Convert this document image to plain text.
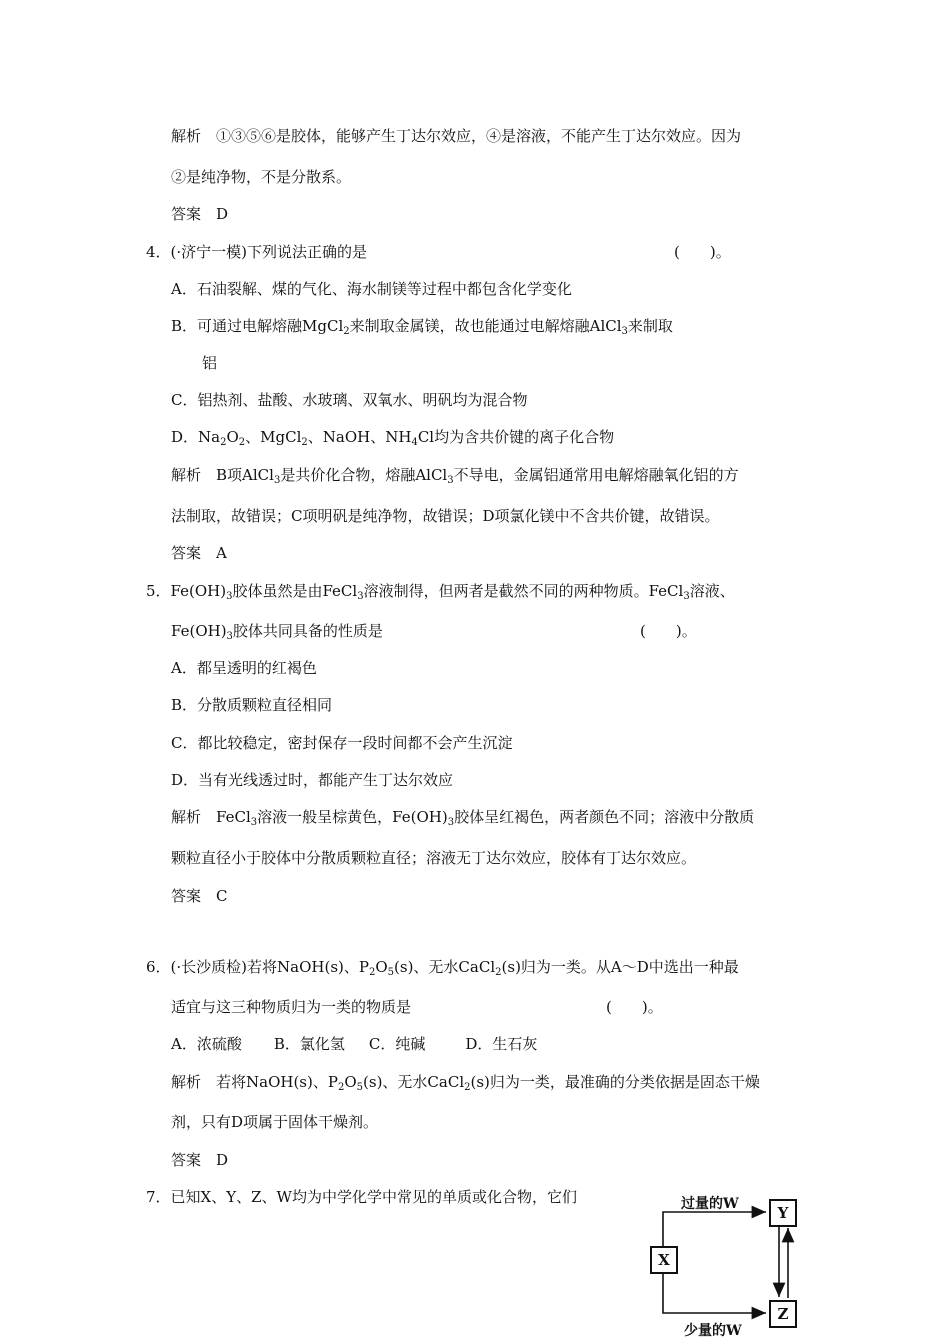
解析　①③⑤⑥是胶体，能够产生丁达尔效应，④是溶液，不能产生丁达尔效应。因为
②是纯净物，不是分散系。
答案　D
4．(·济宁一模)下列说法正确的是	(　　)。
A．石油裂解、煤的气化、海水制镁等过程中都包含化学变化
B．可通过电解熔融MgCl$_2$来制取金属镁，故也能通过电解熔融AlCl$_3$来制取
铝
C．铝热剂、盐酸、水玻璃、双氧水、明矾均为混合物
D．$Na_2O_2$、MgCl$_2$、NaOH、$NH_4Cl$均为含共价键的离子化合物
解析　B项AlCl$_3$是共价化合物，熔融AlCl$_3$不导电，金属铝通常用电解熔融氧化铝的方
法制取，故错误；C项明矾是纯净物，故错误；D项氯化镁中不含共价键，故错误。
答案　A
5．$Fe(OH)_3$胶体虽然是由FeCl$_3$溶液制得，但两者是截然不同的两种物质。FeCl$_3$溶液、
$Fe(OH)_3$胶体共同具备的性质是	(　　)。
A．都呈透明的红褐色
B．分散质颗粒直径相同
C．都比较稳定，密封保存一段时间都不会产生沉淀
D．当有光线透过时，都能产生丁达尔效应
解析　FeCl$_3$溶液一般呈棕黄色，$Fe(OH)_3$胶体呈红褐色，两者颜色不同；溶液中分散质
颗粒直径小于胶体中分散质颗粒直径；溶液无丁达尔效应，胶体有丁达尔效应。
答案　C
6．(·长沙质检)若将NaOH(s)、$P_2O_5(s)$、无水CaCl$_2$(s)归为一类。从A～D中选出一种最
适宜与这三种物质归为一类的物质是	(　　)。
A．浓硫酸 B．氯化氢 C．纯碱	D．生石灰
解析　若将NaOH(s)、$P_2O_5(s)$、无水CaCl$_2$(s)归为一类，最准确的分类依据是固态干燥
剂，只有D项属于固体干燥剂。
答案　D
7．已知X、Y、Z、W均为中学化学中常见的单质或化合物，它们	过量的W
少量的W
X
Y
Z
